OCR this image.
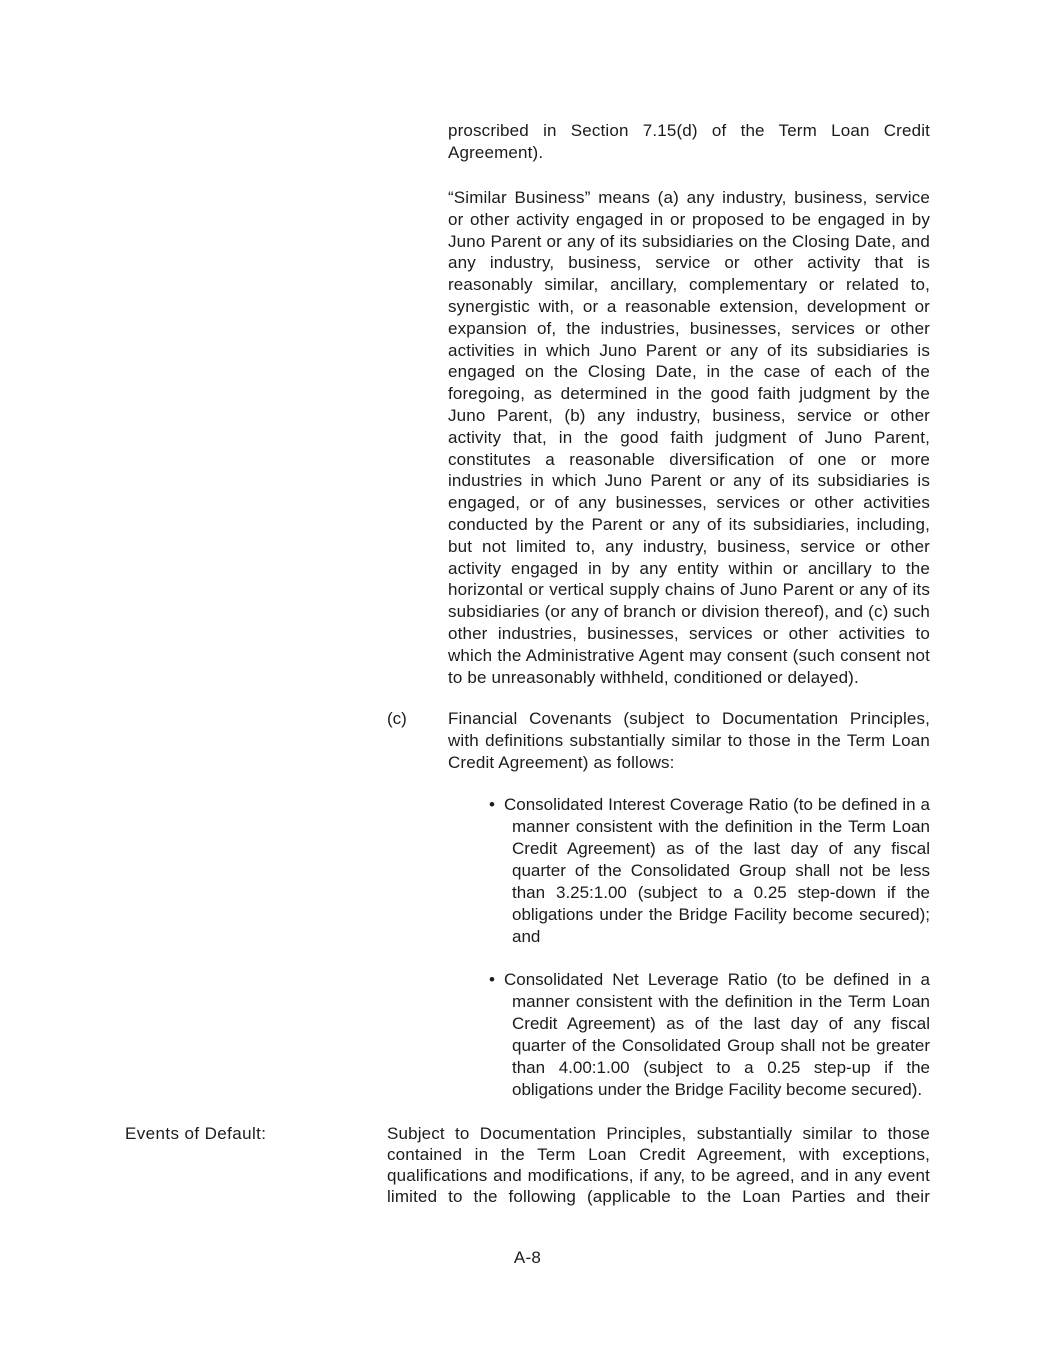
proscribed in Section 7.15(d) of the Term Loan Credit Agreement).

“Similar Business” means (a) any industry, business, service or other activity engaged in or proposed to be engaged in by Juno Parent or any of its subsidiaries on the Closing Date, and any industry, business, service or other activity that is reasonably similar, ancillary, complementary or related to, synergistic with, or a reasonable extension, development or expansion of, the industries, businesses, services or other activities in which Juno Parent or any of its subsidiaries is engaged on the Closing Date, in the case of each of the foregoing, as determined in the good faith judgment by the Juno Parent, (b) any industry, business, service or other activity that, in the good faith judgment of Juno Parent, constitutes a reasonable diversification of one or more industries in which Juno Parent or any of its subsidiaries is engaged, or of any businesses, services or other activities conducted by the Parent or any of its subsidiaries, including, but not limited to, any industry, business, service or other activity engaged in by any entity within or ancillary to the horizontal or vertical supply chains of Juno Parent or any of its subsidiaries (or any of branch or division thereof), and (c) such other industries, businesses, services or other activities to which the Administrative Agent may consent (such consent not to be unreasonably withheld, conditioned or delayed).

(c) Financial Covenants (subject to Documentation Principles, with definitions substantially similar to those in the Term Loan Credit Agreement) as follows:

• Consolidated Interest Coverage Ratio (to be defined in a manner consistent with the definition in the Term Loan Credit Agreement) as of the last day of any fiscal quarter of the Consolidated Group shall not be less than 3.25:1.00 (subject to a 0.25 step-down if the obligations under the Bridge Facility become secured); and

• Consolidated Net Leverage Ratio (to be defined in a manner consistent with the definition in the Term Loan Credit Agreement) as of the last day of any fiscal quarter of the Consolidated Group shall not be greater than 4.00:1.00 (subject to a 0.25 step-up if the obligations under the Bridge Facility become secured).

Events of Default:	Subject to Documentation Principles, substantially similar to those contained in the Term Loan Credit Agreement, with exceptions, qualifications and modifications, if any, to be agreed, and in any event limited to the following (applicable to the Loan Parties and their

A-8
